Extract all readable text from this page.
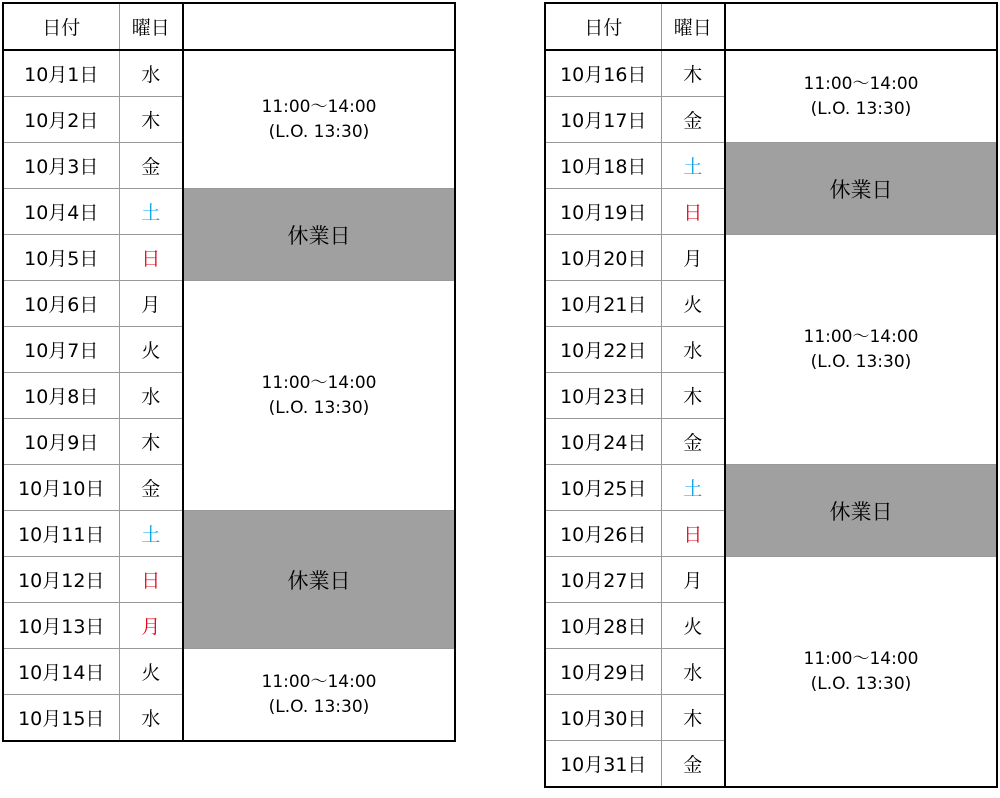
日付	曜日	
10月1日	水	11:00〜14:00
(L.O. 13:30)

10月2日	木	
10月3日	金	
10月4日	土	休業日
10月5日	日	
10月6日	月	11:00〜14:00
(L.O. 13:30)

10月7日	火	
10月8日	水	
10月9日	木	
10月10日	金	
10月11日	土	休業日
10月12日	日	
10月13日	月	
10月14日	火	11:00〜14:00
(L.O. 13:30)

10月15日	水	
日付	曜日	
10月16日	木	11:00〜14:00
(L.O. 13:30)

10月17日	金	
10月18日	土	休業日
10月19日	日	
10月20日	月	11:00〜14:00
(L.O. 13:30)

10月21日	火	
10月22日	水	
10月23日	木	
10月24日	金	
10月25日	土	休業日
10月26日	日	
10月27日	月	11:00〜14:00
(L.O. 13:30)

10月28日	火	
10月29日	水	
10月30日	木	
10月31日	金	
